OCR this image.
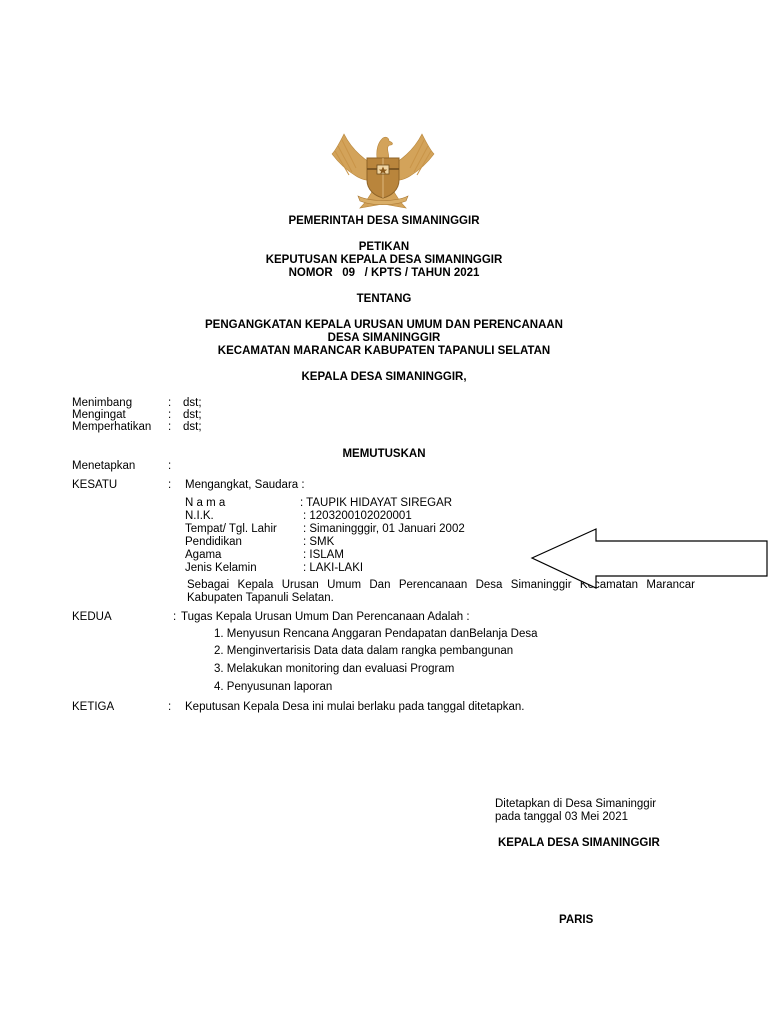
PEMERINTAH DESA SIMANINGGIR
PETIKAN
KEPUTUSAN KEPALA DESA SIMANINGGIR
NOMOR   09   / KPTS / TAHUN 2021
TENTANG
PENGANGKATAN KEPALA URUSAN UMUM DAN PERENCANAAN
DESA SIMANINGGIR
KECAMATAN MARANCAR KABUPATEN TAPANULI SELATAN
KEPALA DESA SIMANINGGIR,
Menimbang	: dst;
Mengingat	: dst;
Memperhatikan : dst;
MEMUTUSKAN
Menetapkan	:
KESATU	: Mengangkat, Saudara :
N a m a	: TAUPIK HIDAYAT SIREGAR
N.I.K.	: 1203200102020001
Tempat/ Tgl. Lahir : Simaningggir, 01 Januari 2002
Pendidikan	: SMK
Agama	: ISLAM
Jenis Kelamin	: LAKI-LAKI
Sebagai Kepala Urusan Umum Dan Perencanaan Desa Simaninggir Kecamatan Marancar
Kabupaten Tapanuli Selatan.
KEDUA	: Tugas Kepala Urusan Umum Dan Perencanaan Adalah :
1. Menyusun Rencana Anggaran Pendapatan danBelanja Desa
2. Menginvertarisis Data data dalam rangka pembangunan
3. Melakukan monitoring dan evaluasi Program
4. Penyusunan laporan
KETIGA	: Keputusan Kepala Desa ini mulai berlaku pada tanggal ditetapkan.
Ditetapkan di Desa Simaninggir
pada tanggal 03 Mei 2021
KEPALA DESA SIMANINGGIR
PARIS
